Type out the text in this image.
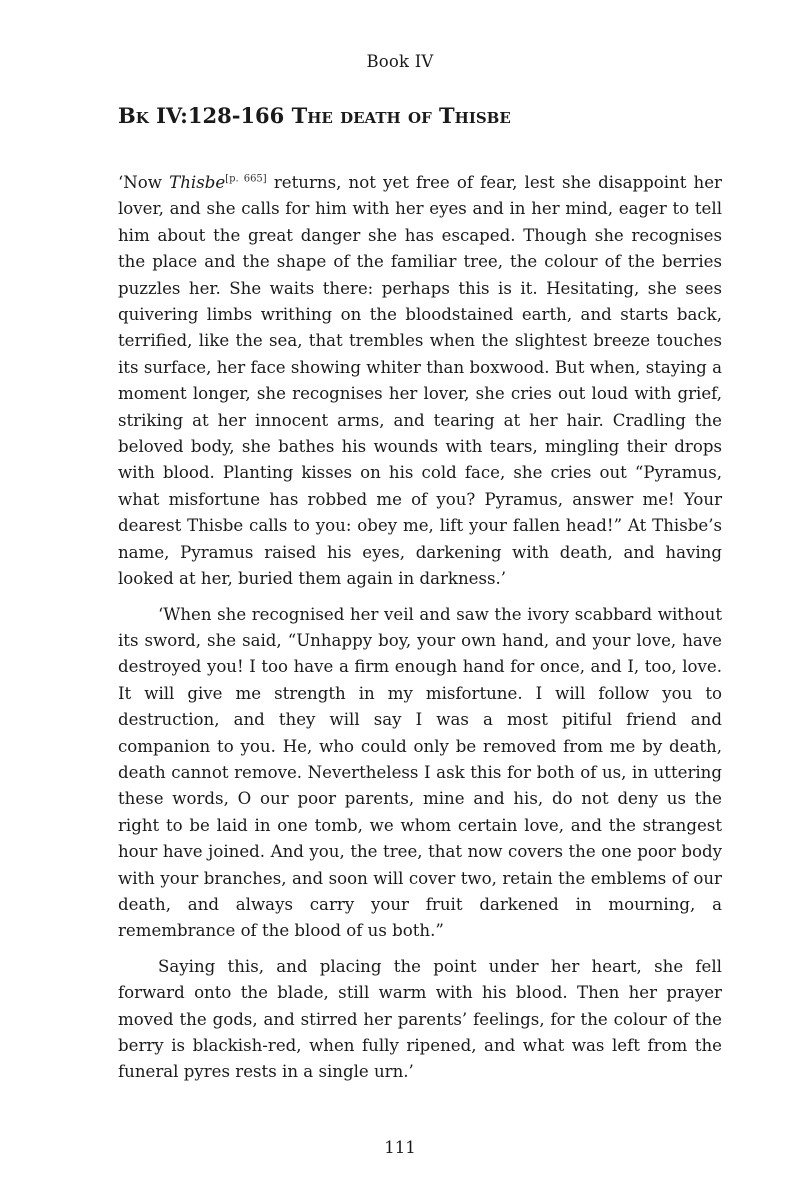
Book IV
Bk IV:128-166 The death of Thisbe

‘Now Thisbe[p. 665] returns, not yet free of fear, lest she disappoint her lover, and she calls for him with her eyes and in her mind, eager to tell him about the great danger she has escaped. Though she recognises the place and the shape of the familiar tree, the colour of the berries puzzles her. She waits there: perhaps this is it. Hesitating, she sees quivering limbs writhing on the bloodstained earth, and starts back, terrified, like the sea, that trembles when the slightest breeze touches its surface, her face showing whiter than boxwood. But when, staying a moment longer, she recognises her lover, she cries out loud with grief, striking at her innocent arms, and tearing at her hair. Cradling the beloved body, she bathes his wounds with tears, mingling their drops with blood. Planting kisses on his cold face, she cries out “Pyramus, what misfortune has robbed me of you? Pyramus, answer me! Your dearest Thisbe calls to you: obey me, lift your fallen head!” At Thisbe’s name, Pyramus raised his eyes, darkening with death, and having looked at her, buried them again in darkness.’

‘When she recognised her veil and saw the ivory scabbard without its sword, she said, “Unhappy boy, your own hand, and your love, have destroyed you! I too have a firm enough hand for once, and I, too, love. It will give me strength in my misfortune. I will follow you to destruction, and they will say I was a most pitiful friend and companion to you. He, who could only be removed from me by death, death cannot remove. Nevertheless I ask this for both of us, in uttering these words, O our poor parents, mine and his, do not deny us the right to be laid in one tomb, we whom certain love, and the strangest hour have joined. And you, the tree, that now covers the one poor body with your branches, and soon will cover two, retain the emblems of our death, and always carry your fruit darkened in mourning, a remembrance of the blood of us both.”

Saying this, and placing the point under her heart, she fell forward onto the blade, still warm with his blood. Then her prayer moved the gods, and stirred her parents’ feelings, for the colour of the berry is blackish-red, when fully ripened, and what was left from the funeral pyres rests in a single urn.’

111
